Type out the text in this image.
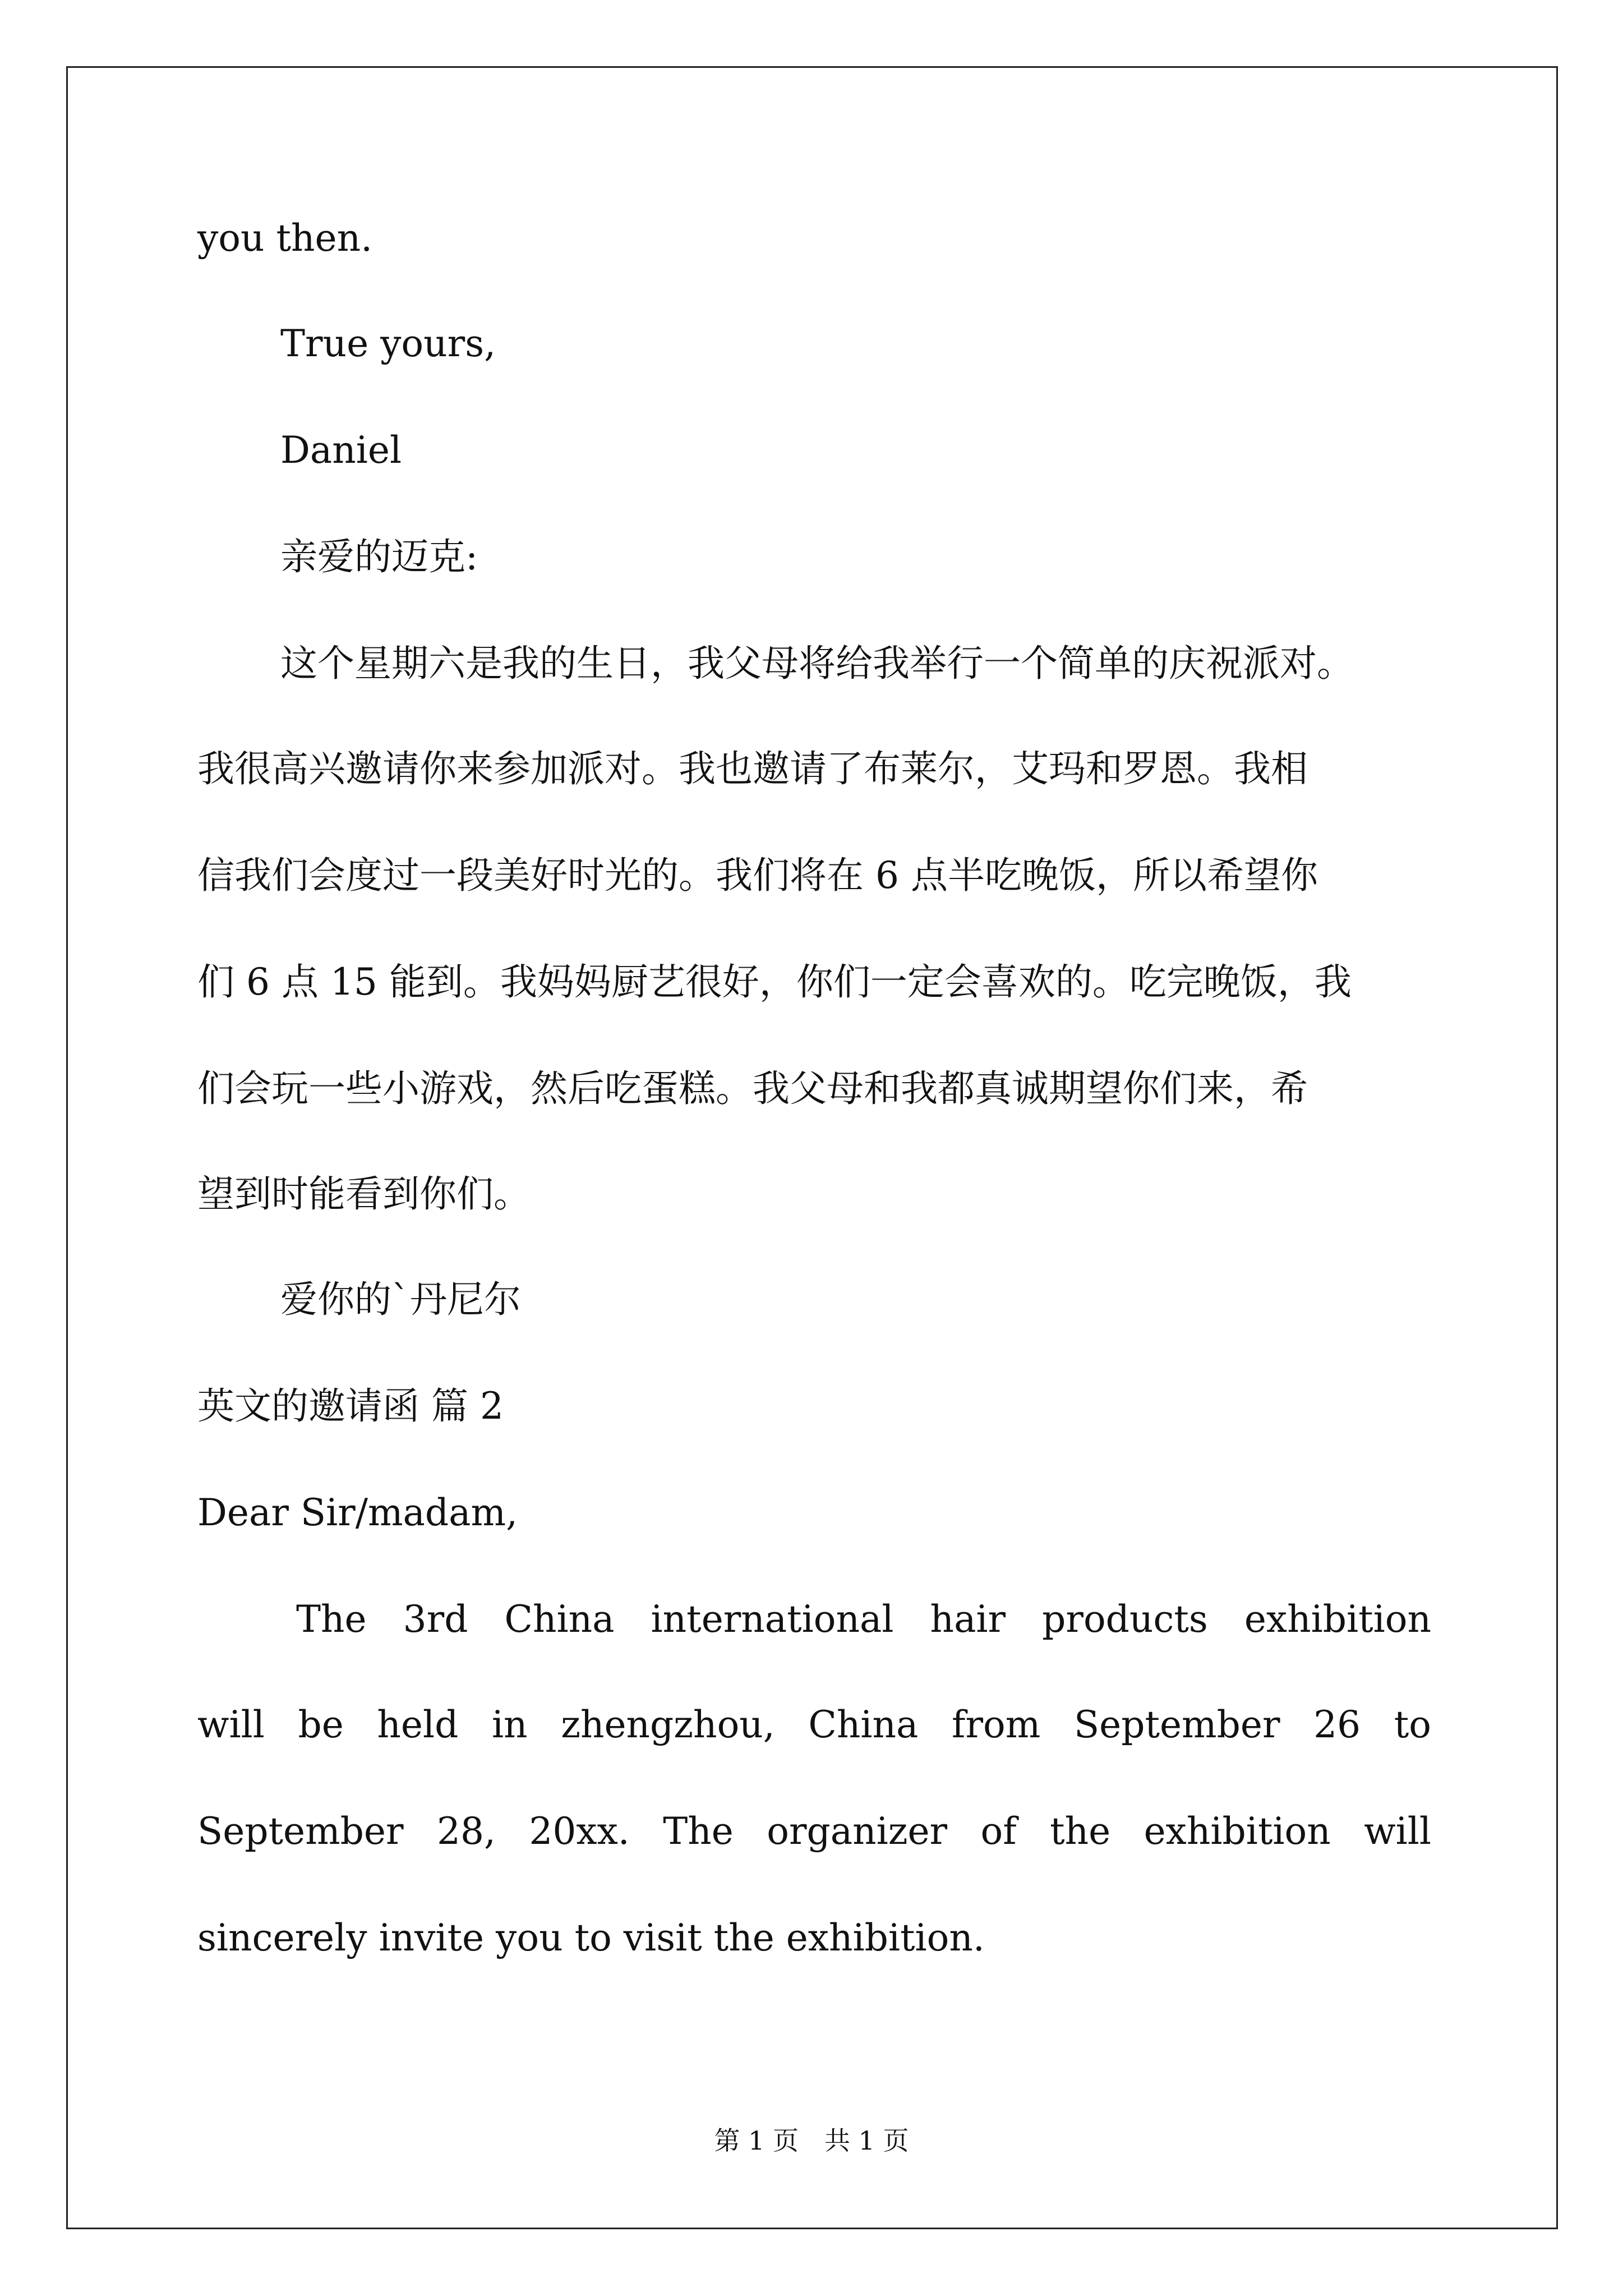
you then.
True yours,
Daniel
亲爱的迈克:
这个星期六是我的生日，我父母将给我举行一个简单的庆祝派对。
我很高兴邀请你来参加派对。我也邀请了布莱尔，艾玛和罗恩。我相
信我们会度过一段美好时光的。我们将在 6 点半吃晚饭，所以希望你
们 6 点 15 能到。我妈妈厨艺很好，你们一定会喜欢的。吃完晚饭，我
们会玩一些小游戏，然后吃蛋糕。我父母和我都真诚期望你们来，希
望到时能看到你们。
爱你的`丹尼尔
英文的邀请函 篇 2
Dear Sir/madam,
The 3rd China international hair products exhibition
will be held in zhengzhou, China from September 26 to
September 28, 20xx. The organizer of the exhibition will
sincerely invite you to visit the exhibition.
第 1 页 共 1 页
